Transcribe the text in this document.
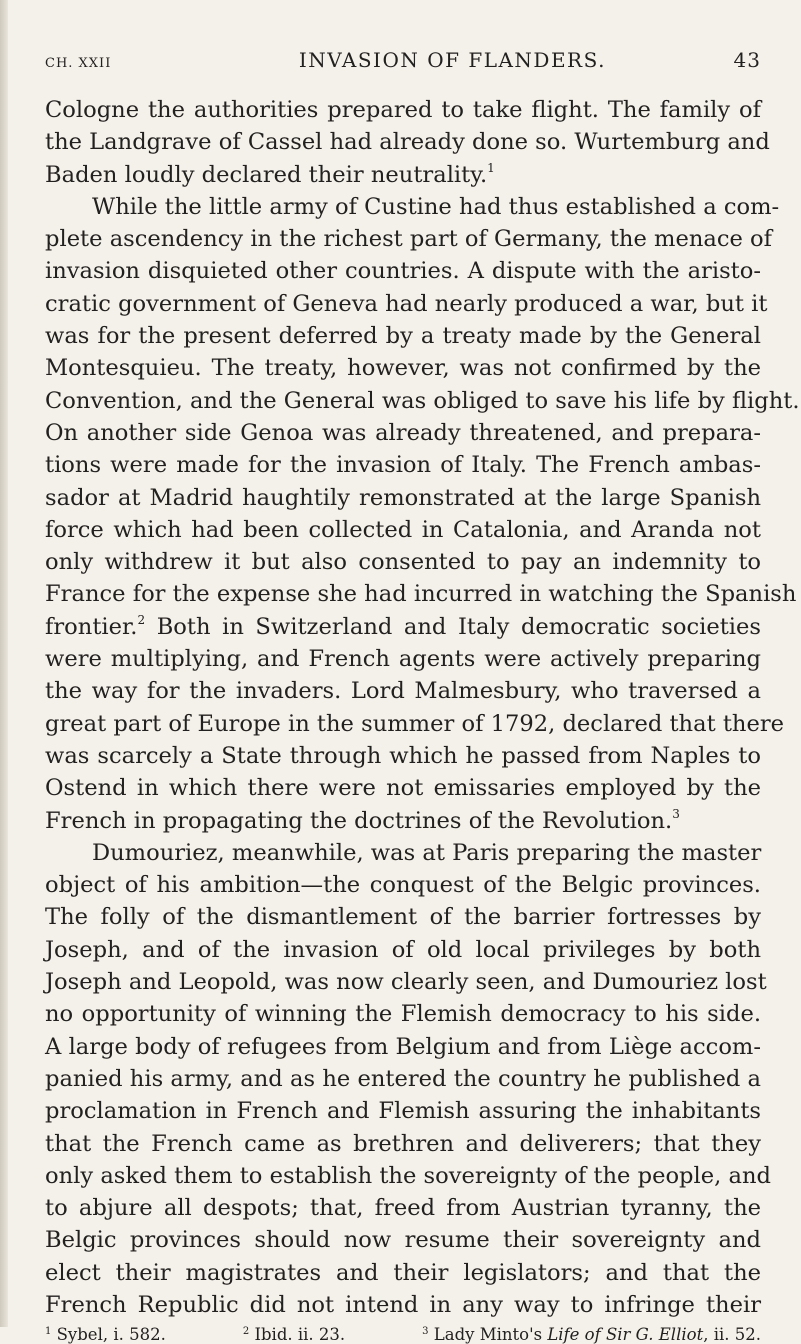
CH. XXII	INVASION OF FLANDERS.	43
Cologne the authorities prepared to take flight. The family of
the Landgrave of Cassel had already done so. Wurtemburg and
Baden loudly declared their neutrality.$^1$
While the little army of Custine had thus established a com-
plete ascendency in the richest part of Germany, the menace of
invasion disquieted other countries. A dispute with the aristo-
cratic government of Geneva had nearly produced a war, but it
was for the present deferred by a treaty made by the General
Montesquieu. The treaty, however, was not confirmed by the
Convention, and the General was obliged to save his life by flight.
On another side Genoa was already threatened, and prepara-
tions were made for the invasion of Italy. The French ambas-
sador at Madrid haughtily remonstrated at the large Spanish
force which had been collected in Catalonia, and Aranda not
only withdrew it but also consented to pay an indemnity to
France for the expense she had incurred in watching the Spanish
frontier.$^2$ Both in Switzerland and Italy democratic societies
were multiplying, and French agents were actively preparing
the way for the invaders. Lord Malmesbury, who traversed a
great part of Europe in the summer of 1792, declared that there
was scarcely a State through which he passed from Naples to
Ostend in which there were not emissaries employed by the
French in propagating the doctrines of the Revolution.$^3$
Dumouriez, meanwhile, was at Paris preparing the master
object of his ambition—the conquest of the Belgic provinces.
The folly of the dismantlement of the barrier fortresses by
Joseph, and of the invasion of old local privileges by both
Joseph and Leopold, was now clearly seen, and Dumouriez lost
no opportunity of winning the Flemish democracy to his side.
A large body of refugees from Belgium and from Liège accom-
panied his army, and as he entered the country he published a
proclamation in French and Flemish assuring the inhabitants
that the French came as brethren and deliverers; that they
only asked them to establish the sovereignty of the people, and
to abjure all despots; that, freed from Austrian tyranny, the
Belgic provinces should now resume their sovereignty and
elect their magistrates and their legislators; and that the
French Republic did not intend in any way to infringe their
$^1$ Sybel, i. 582.	$^2$ Ibid. ii. 23.	$^3$ Lady Minto's Life of Sir G. Elliot, ii. 52.
